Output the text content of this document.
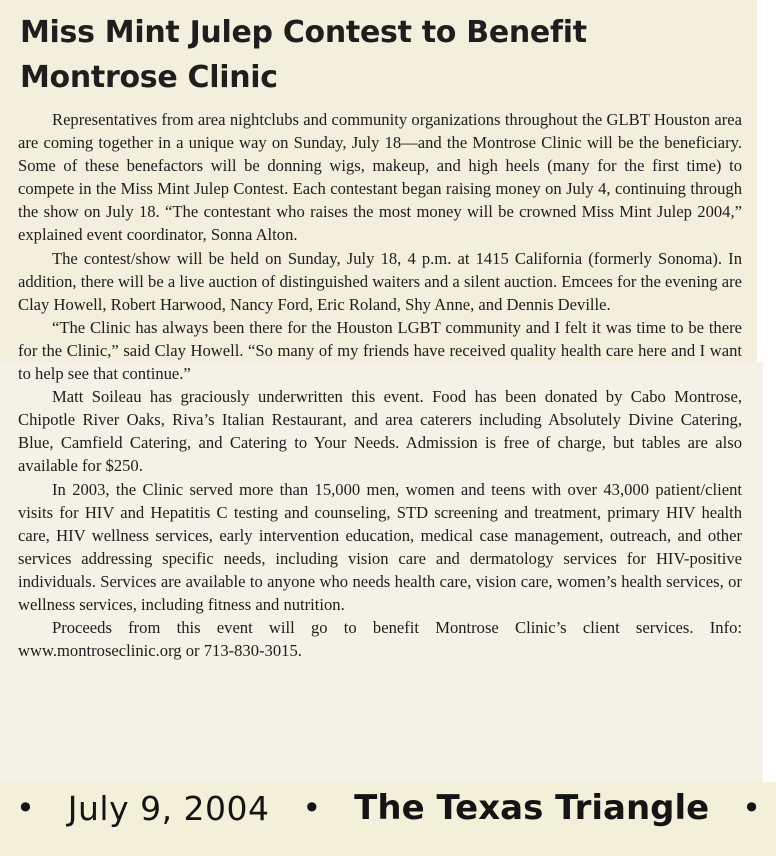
Miss Mint Julep Contest to Benefit Montrose Clinic

Representatives from area nightclubs and community organizations throughout the GLBT Houston area are coming together in a unique way on Sunday, July 18—and the Montrose Clinic will be the beneficiary. Some of these benefactors will be donning wigs, makeup, and high heels (many for the first time) to compete in the Miss Mint Julep Contest. Each contestant began raising money on July 4, continuing through the show on July 18. “The contestant who raises the most money will be crowned Miss Mint Julep 2004,” explained event coordinator, Sonna Alton.

The contest/show will be held on Sunday, July 18, 4 p.m. at 1415 California (formerly Sonoma). In addition, there will be a live auction of distinguished waiters and a silent auction. Emcees for the evening are Clay Howell, Robert Harwood, Nancy Ford, Eric Roland, Shy Anne, and Dennis Deville.

“The Clinic has always been there for the Houston LGBT community and I felt it was time to be there for the Clinic,” said Clay Howell. “So many of my friends have received quality health care here and I want to help see that continue.”

Matt Soileau has graciously underwritten this event. Food has been donated by Cabo Montrose, Chipotle River Oaks, Riva’s Italian Restaurant, and area caterers including Absolutely Divine Catering, Blue, Camfield Catering, and Catering to Your Needs. Admission is free of charge, but tables are also available for $250.

In 2003, the Clinic served more than 15,000 men, women and teens with over 43,000 patient/client visits for HIV and Hepatitis C testing and counseling, STD screening and treatment, primary HIV health care, HIV wellness services, early intervention education, medical case management, outreach, and other services addressing specific needs, including vision care and dermatology services for HIV-positive individuals. Services are available to anyone who needs health care, vision care, women’s health services, or wellness services, including fitness and nutrition.

Proceeds from this event will go to benefit Montrose Clinic’s client services. Info: www.montroseclinic.org or 713-830-3015.

• July 9, 2004 • The Texas Triangle •
